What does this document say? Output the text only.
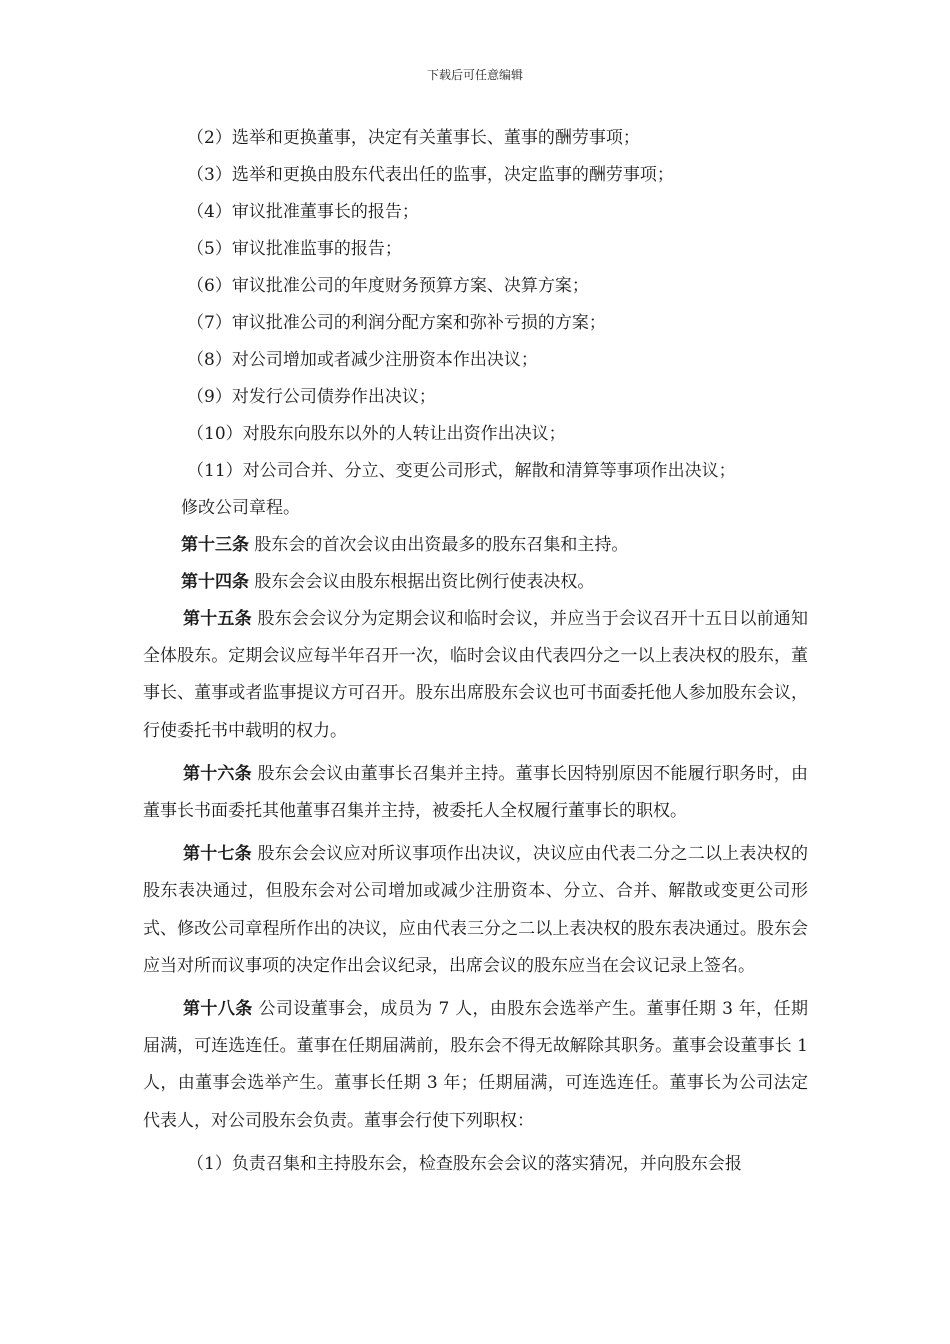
下载后可任意编辑
（2）选举和更换董事，决定有关董事长、董事的酬劳事项；
（3）选举和更换由股东代表出任的监事，决定监事的酬劳事项；
（4）审议批准董事长的报告；
（5）审议批准监事的报告；
（6）审议批准公司的年度财务预算方案、决算方案；
（7）审议批准公司的利润分配方案和弥补亏损的方案；
（8）对公司增加或者减少注册资本作出决议；
（9）对发行公司债券作出决议；
（10）对股东向股东以外的人转让出资作出决议；
（11）对公司合并、分立、变更公司形式，解散和清算等事项作出决议；
修改公司章程。
第十三条 股东会的首次会议由出资最多的股东召集和主持。
第十四条 股东会会议由股东根据出资比例行使表决权。

第十五条 股东会会议分为定期会议和临时会议，并应当于会议召开十五日以前通知全体股东。定期会议应每半年召开一次，临时会议由代表四分之一以上表决权的股东，董事长、董事或者监事提议方可召开。股东出席股东会议也可书面委托他人参加股东会议，行使委托书中载明的权力。

第十六条 股东会会议由董事长召集并主持。董事长因特别原因不能履行职务时，由董事长书面委托其他董事召集并主持，被委托人全权履行董事长的职权。

第十七条 股东会会议应对所议事项作出决议，决议应由代表二分之二以上表决权的股东表决通过，但股东会对公司增加或减少注册资本、分立、合并、解散或变更公司形式、修改公司章程所作出的决议，应由代表三分之二以上表决权的股东表决通过。股东会应当对所而议事项的决定作出会议纪录，出席会议的股东应当在会议记录上签名。

第十八条 公司设董事会，成员为 7 人，由股东会选举产生。董事任期 3 年，任期届满，可连选连任。董事在任期届满前，股东会不得无故解除其职务。董事会设董事长 1 人，由董事会选举产生。董事长任期 3 年；任期届满，可连选连任。董事长为公司法定代表人，对公司股东会负责。董事会行使下列职权：

（1）负责召集和主持股东会，检查股东会会议的落实猜况，并向股东会报
